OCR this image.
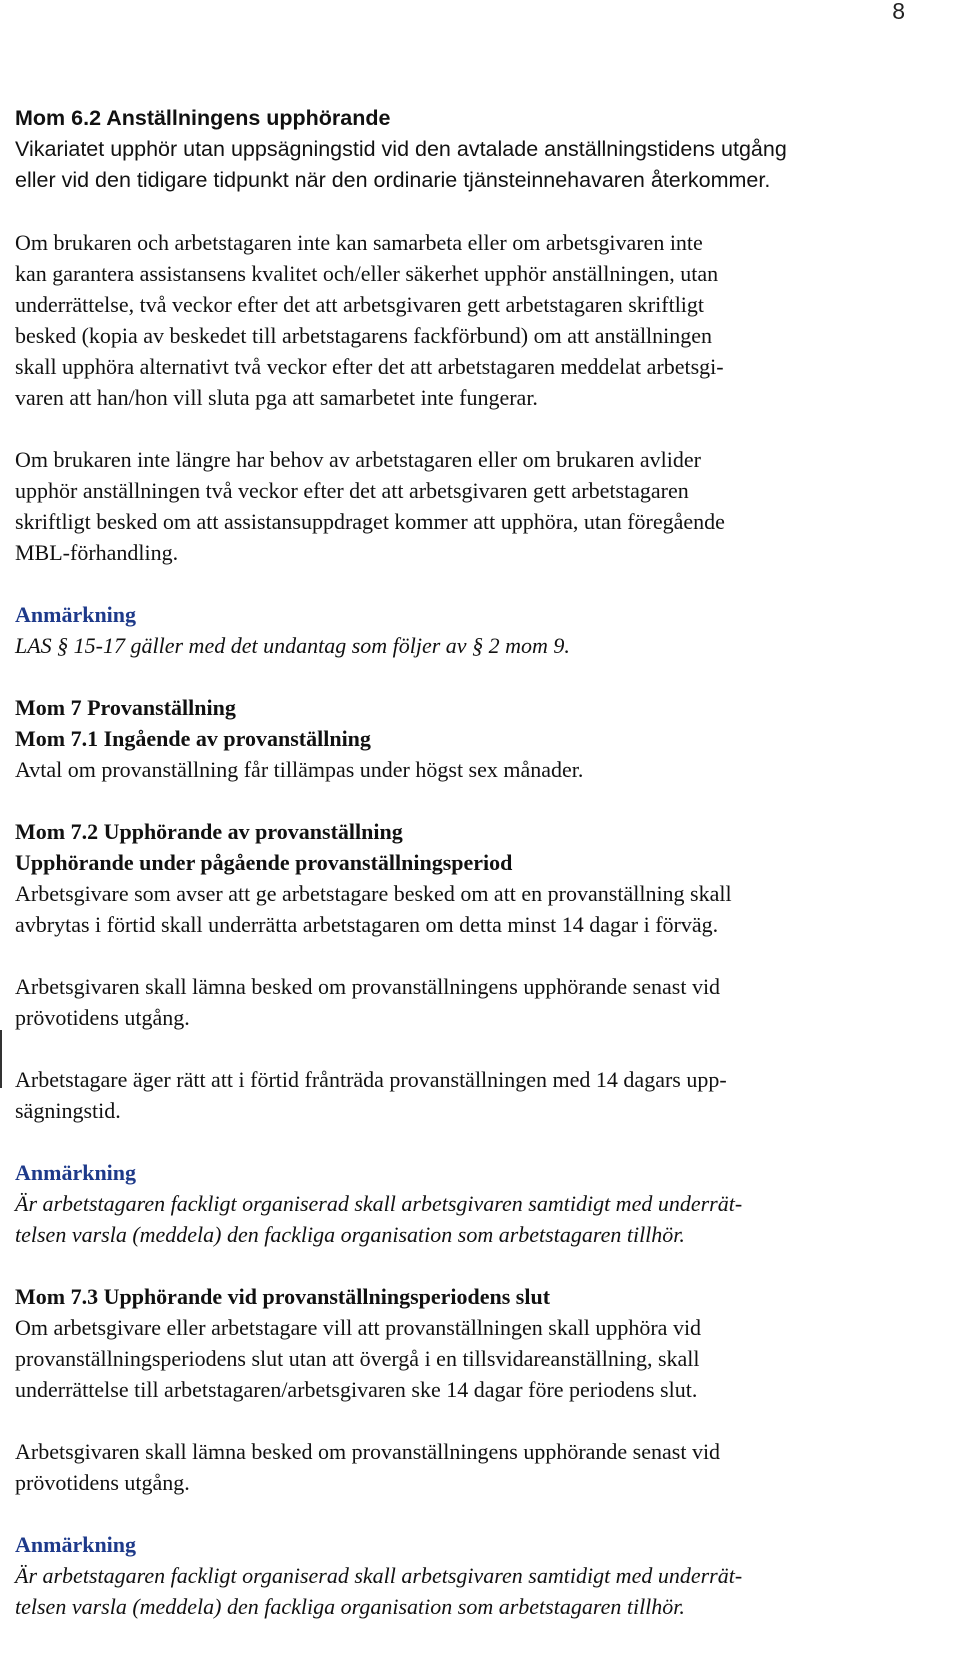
8

Mom 6.2 Anställningens upphörande

Vikariatet upphör utan uppsägningstid vid den avtalade anställningstidens utgång
eller vid den tidigare tidpunkt när den ordinarie tjänsteinnehavaren återkommer.
Om brukaren och arbetstagaren inte kan samarbeta eller om arbetsgivaren inte
kan garantera assistansens kvalitet och/eller säkerhet upphör anställningen, utan
underrättelse, två veckor efter det att arbetsgivaren gett arbetstagaren skriftligt
besked (kopia av beskedet till arbetstagarens fackförbund) om att anställningen
skall upphöra alternativt två veckor efter det att arbetstagaren meddelat arbetsgi-
varen att han/hon vill sluta pga att samarbetet inte fungerar.
Om brukaren inte längre har behov av arbetstagaren eller om brukaren avlider
upphör anställningen två veckor efter det att arbetsgivaren gett arbetstagaren
skriftligt besked om att assistansuppdraget kommer att upphöra, utan föregående
MBL-förhandling.

Anmärkning

LAS § 15-17 gäller med det undantag som följer av § 2 mom 9.

Mom 7 Provanställning

Mom 7.1 Ingående av provanställning

Avtal om provanställning får tillämpas under högst sex månader.

Mom 7.2 Upphörande av provanställning

Upphörande under pågående provanställningsperiod

Arbetsgivare som avser att ge arbetstagare besked om att en provanställning skall
avbrytas i förtid skall underrätta arbetstagaren om detta minst 14 dagar i förväg.
Arbetsgivaren skall lämna besked om provanställningens upphörande senast vid
prövotidens utgång.
Arbetstagare äger rätt att i förtid frånträda provanställningen med 14 dagars upp-
sägningstid.

Anmärkning

Är arbetstagaren fackligt organiserad skall arbetsgivaren samtidigt med underrät-
telsen varsla (meddela) den fackliga organisation som arbetstagaren tillhör.

Mom 7.3 Upphörande vid provanställningsperiodens slut

Om arbetsgivare eller arbetstagare vill att provanställningen skall upphöra vid
provanställningsperiodens slut utan att övergå i en tillsvidareanställning, skall
underrättelse till arbetstagaren/arbetsgivaren ske 14 dagar före periodens slut.
Arbetsgivaren skall lämna besked om provanställningens upphörande senast vid
prövotidens utgång.

Anmärkning

Är arbetstagaren fackligt organiserad skall arbetsgivaren samtidigt med underrät-
telsen varsla (meddela) den fackliga organisation som arbetstagaren tillhör.
